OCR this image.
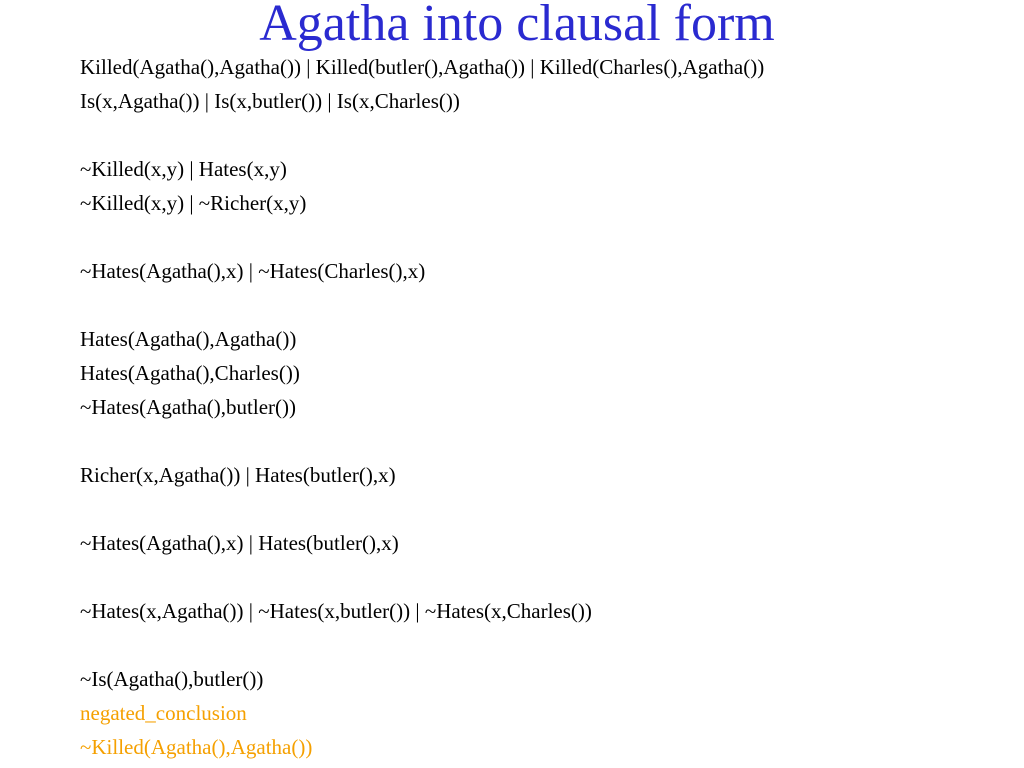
Agatha into clausal form
Killed(Agatha(),Agatha()) | Killed(butler(),Agatha()) | Killed(Charles(),Agatha())
Is(x,Agatha()) | Is(x,butler()) | Is(x,Charles())
~Killed(x,y) | Hates(x,y)
~Killed(x,y) | ~Richer(x,y)
~Hates(Agatha(),x) | ~Hates(Charles(),x)
Hates(Agatha(),Agatha())
Hates(Agatha(),Charles())
~Hates(Agatha(),butler())
Richer(x,Agatha()) | Hates(butler(),x)
~Hates(Agatha(),x) | Hates(butler(),x)
~Hates(x,Agatha()) | ~Hates(x,butler()) | ~Hates(x,Charles())
~Is(Agatha(),butler())
negated_conclusion
~Killed(Agatha(),Agatha())
